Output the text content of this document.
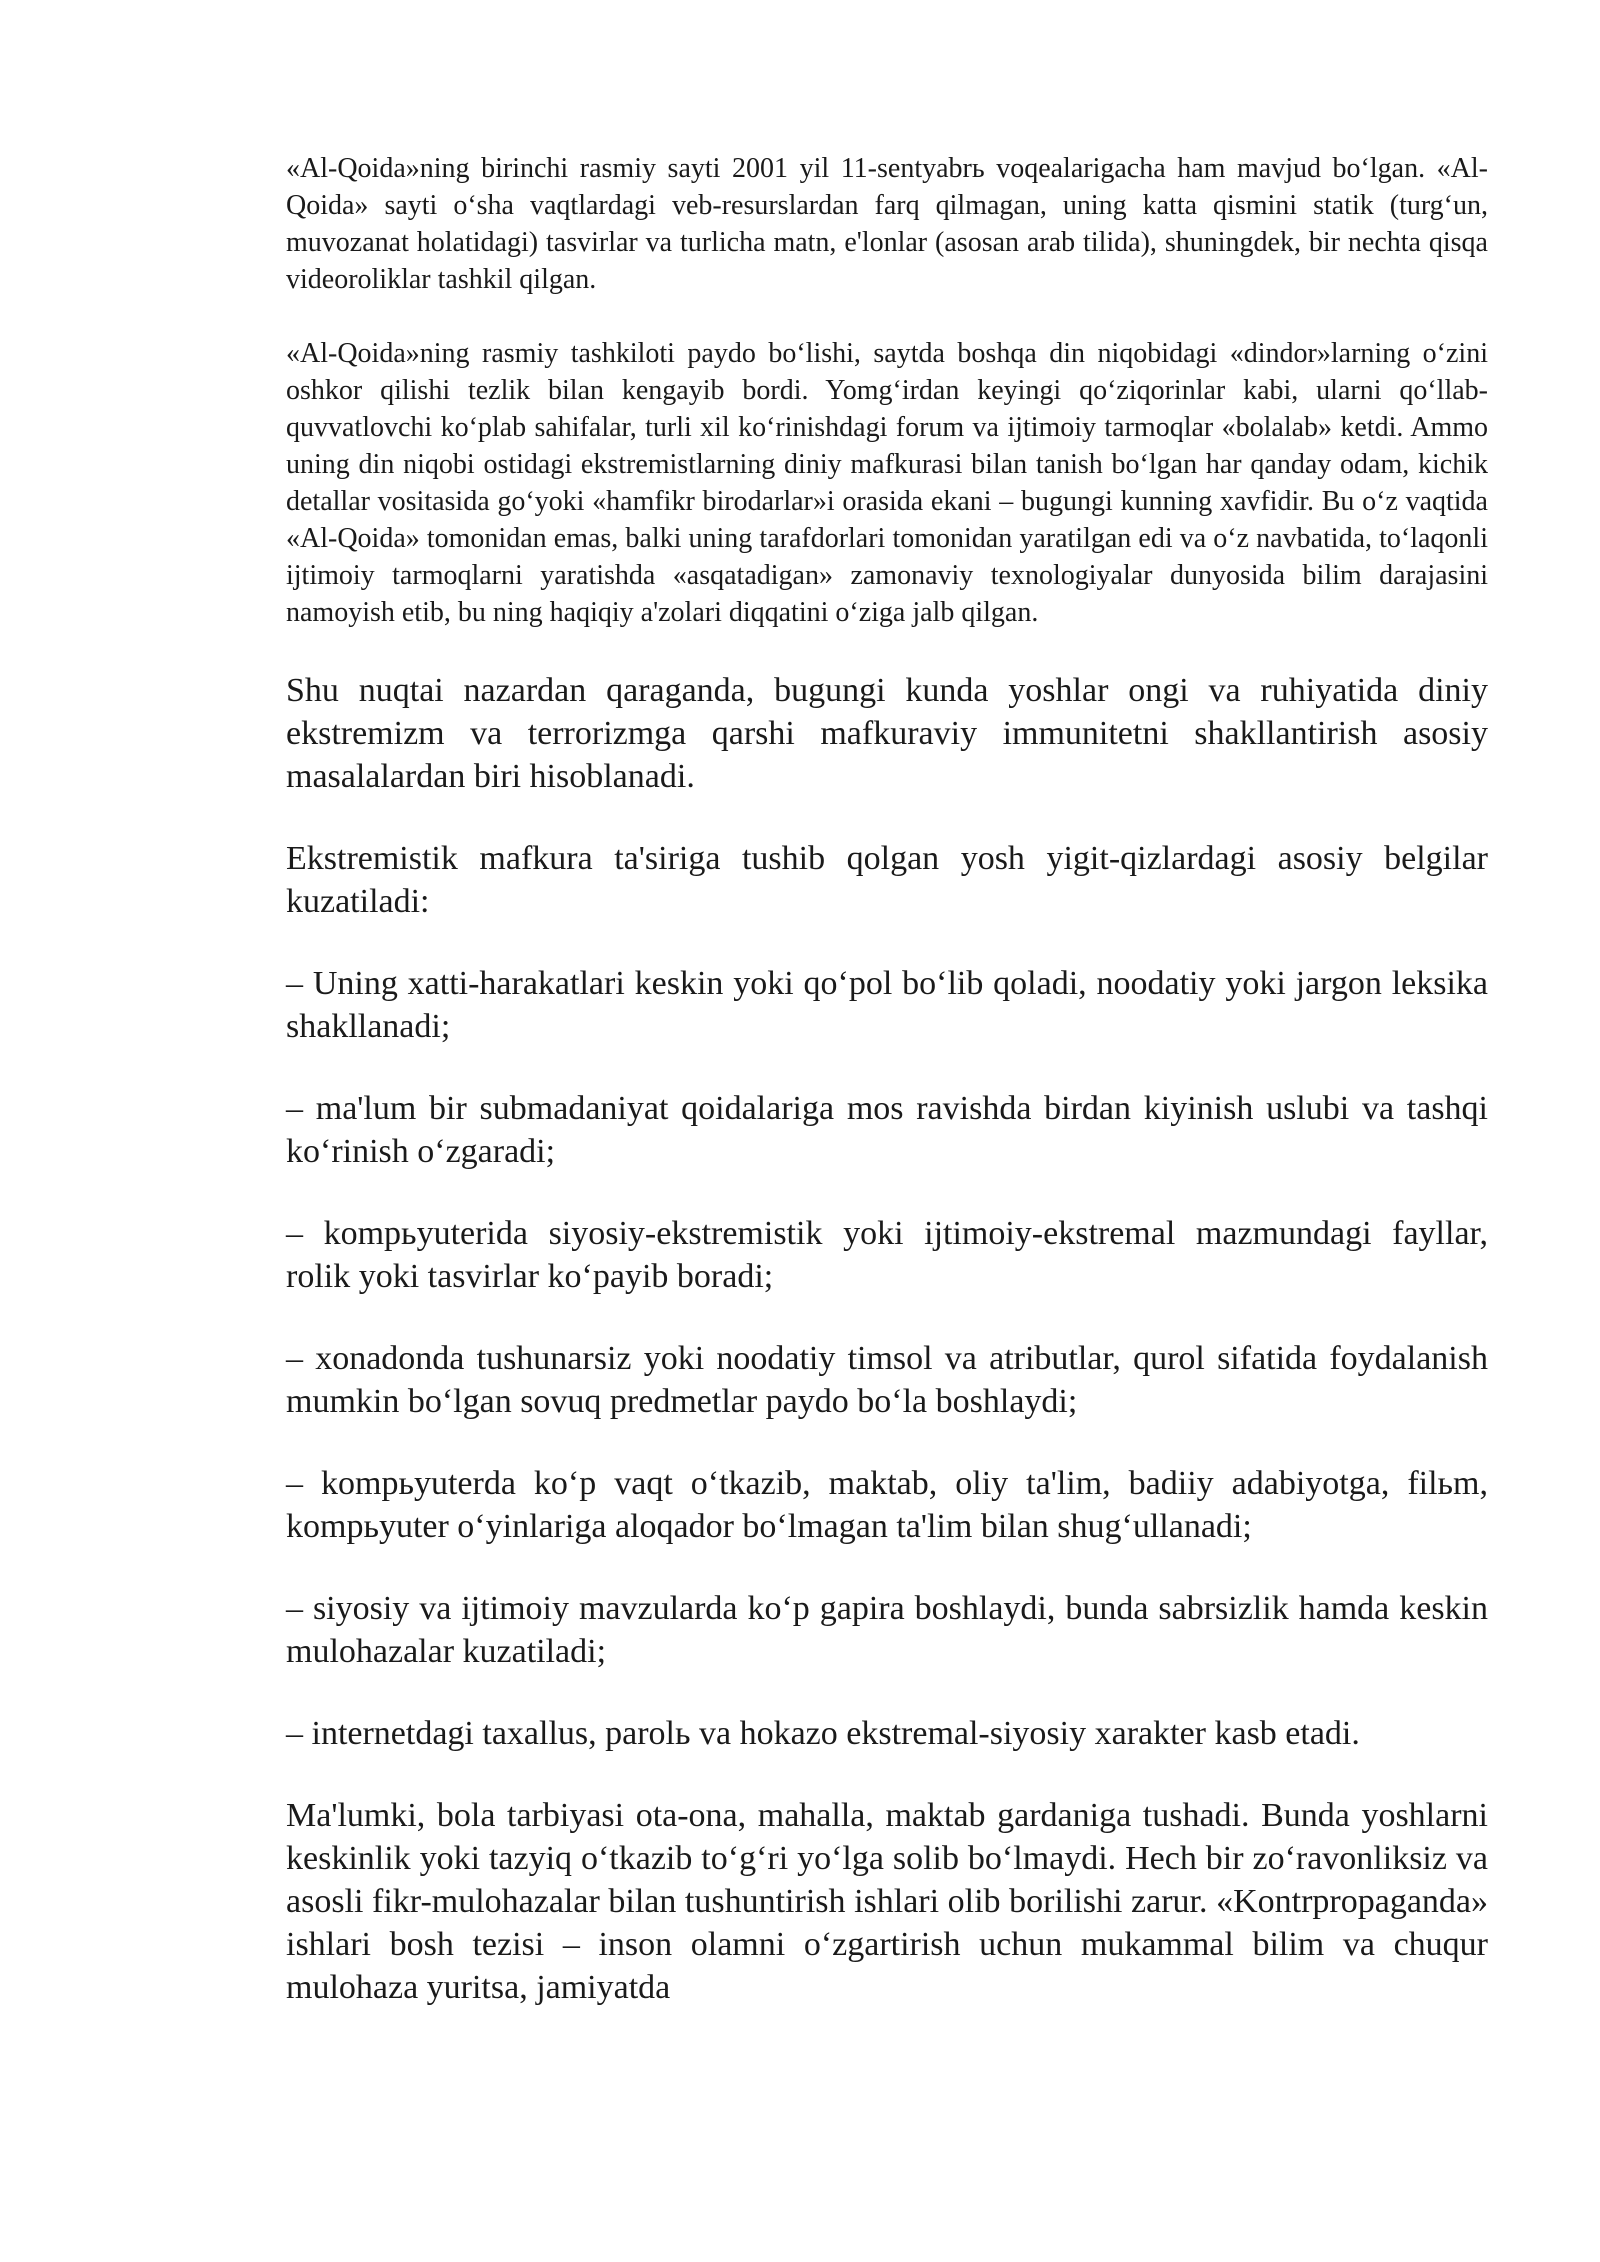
«Al-Qoida»ning birinchi rasmiy sayti 2001 yil 11-sentyabrь voqealarigacha ham mavjud boʻlgan. «Al-Qoida» sayti oʻsha vaqtlardagi veb-resurslardan farq qilmagan, uning katta qismini statik (turgʻun, muvozanat holatidagi) tasvirlar va turlicha matn, e'lonlar (asosan arab tilida), shuningdek, bir nechta qisqa videoroliklar tashkil qilgan.

«Al-Qoida»ning rasmiy tashkiloti paydo boʻlishi, saytda boshqa din niqobidagi «dindor»larning oʻzini oshkor qilishi tezlik bilan kengayib bordi. Yomgʻirdan keyingi qoʻziqorinlar kabi, ularni qoʻllab-quvvatlovchi koʻplab sahifalar, turli xil koʻrinishdagi forum va ijtimoiy tarmoqlar «bolalab» ketdi. Ammo uning din niqobi ostidagi ekstremistlarning diniy mafkurasi bilan tanish boʻlgan har qanday odam, kichik detallar vositasida goʻyoki «hamfikr birodarlar»i orasida ekani – bugungi kunning xavfidir. Bu oʻz vaqtida «Al-Qoida» tomonidan emas, balki uning tarafdorlari tomonidan yaratilgan edi va oʻz navbatida, toʻlaqonli ijtimoiy tarmoqlarni yaratishda «asqatadigan» zamonaviy texnologiyalar dunyosida bilim darajasini namoyish etib, bu ning haqiqiy a'zolari diqqatini oʻziga jalb qilgan.

Shu nuqtai nazardan qaraganda, bugungi kunda yoshlar ongi va ruhiyatida diniy ekstremizm va terrorizmga qarshi mafkuraviy immunitetni shakllantirish asosiy masalalardan biri hisoblanadi.

Ekstremistik mafkura ta'siriga tushib qolgan yosh yigit-qizlardagi asosiy belgilar kuzatiladi:

– Uning xatti-harakatlari keskin yoki qoʻpol boʻlib qoladi, noodatiy yoki jargon leksika shakllanadi;

– ma'lum bir submadaniyat qoidalariga mos ravishda birdan kiyinish uslubi va tashqi koʻrinish oʻzgaradi;

– kompьyuterida siyosiy-ekstremistik yoki ijtimoiy-ekstremal mazmundagi fayllar, rolik yoki tasvirlar koʻpayib boradi;

– xonadonda tushunarsiz yoki noodatiy timsol va atributlar, qurol sifatida foydalanish mumkin boʻlgan sovuq predmetlar paydo boʻla boshlaydi;

– kompьyuterda koʻp vaqt oʻtkazib, maktab, oliy ta'lim, badiiy adabiyotga, filьm, kompьyuter oʻyinlariga aloqador boʻlmagan ta'lim bilan shugʻullanadi;

– siyosiy va ijtimoiy mavzularda koʻp gapira boshlaydi, bunda sabrsizlik hamda keskin mulohazalar kuzatiladi;

– internetdagi taxallus, parolь va hokazo ekstremal-siyosiy xarakter kasb etadi.

Ma'lumki, bola tarbiyasi ota-ona, mahalla, maktab gardaniga tushadi. Bunda yoshlarni keskinlik yoki tazyiq oʻtkazib toʻgʻri yoʻlga solib boʻlmaydi. Hech bir zoʻravonliksiz va asosli fikr-mulohazalar bilan tushuntirish ishlari olib borilishi zarur. «Kontrpropaganda» ishlari bosh tezisi – inson olamni oʻzgartirish uchun mukammal bilim va chuqur mulohaza yuritsa, jamiyatda
